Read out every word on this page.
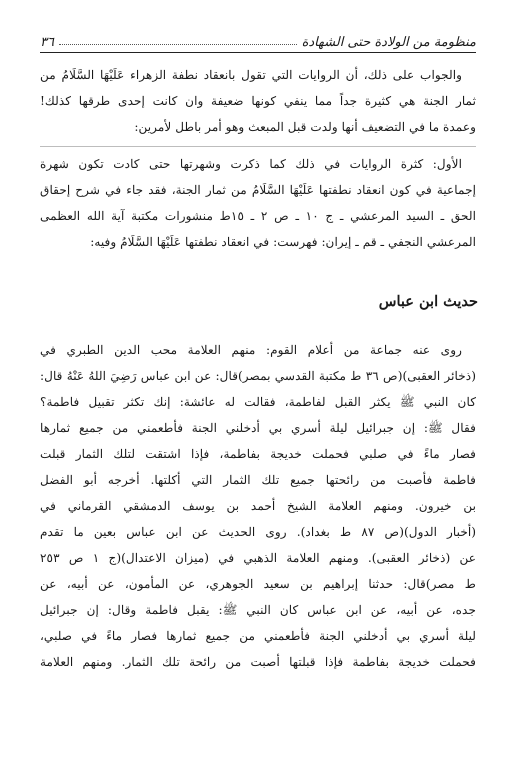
منظومة من الولادة حتى الشهادة
٣٦
والجواب على ذلك، أن الروايات التي تقول بانعقاد نطفة الزهراء عَلَيْهَا السَّلَامُ من
ثمار الجنة هي كثيرة جداً مما ينفي كونها ضعيفة وان كانت إحدى طرقها كذلك!
وعمدة ما في التضعيف أنها ولدت قبل المبعث وهو أمر باطل لأمرين:
الأول: كثرة الروايات في ذلك كما ذكرت وشهرتها حتى كادت تكون شهرة
إجماعية في كون انعقاد نطفتها عَلَيْهَا السَّلَامُ من ثمار الجنة، فقد جاء في شرح إحقاق
الحق ـ السيد المرعشي ـ ج ١٠ ـ ص ٢ ـ ١٥ط منشورات مكتبة آية الله العظمى
المرعشي النجفي ـ قم ـ إيران: فهرست: في انعقاد نطفتها عَلَيْهَا السَّلَامُ وفيه:
حديث ابن عباس
روى عنه جماعة من أعلام القوم: منهم العلامة محب الدين الطبري في
(ذخائر العقبى)(ص ٣٦ ط مكتبة القدسي بمصر)قال: عن ابن عباس رَضِيَ اللهُ عَنْهُ قال:
كان النبي ﷺ يكثر القبل لفاطمة، فقالت له عائشة: إنك تكثر تقبيل فاطمة؟
فقال ﷺ: إن جبرائيل ليلة أسري بي أدخلني الجنة فأطعمني من جميع ثمارها
فصار ماءً في صلبي فحملت خديجة بفاطمة، فإذا اشتقت لتلك الثمار قبلت
فاطمة فأصبت من رائحتها جميع تلك الثمار التي أكلتها. أخرجه أبو الفضل
بن خيرون. ومنهم العلامة الشيخ أحمد بن يوسف الدمشقي القرماني في
(أخبار الدول)(ص ٨٧ ط بغداد). روى الحديث عن ابن عباس بعين ما تقدم
عن (ذخائر العقبى). ومنهم العلامة الذهبي في (ميزان الاعتدال)(ج ١ ص ٢٥٣
ط مصر)قال: حدثنا إبراهيم بن سعيد الجوهري، عن المأمون، عن أبيه، عن
جده، عن أبيه، عن ابن عباس كان النبي ﷺ: يقبل فاطمة وقال: إن جبرائيل
ليلة أسري بي أدخلني الجنة فأطعمني من جميع ثمارها فصار ماءً في صلبي،
فحملت خديجة بفاطمة فإذا قبلتها أصبت من رائحة تلك الثمار. ومنهم العلامة
